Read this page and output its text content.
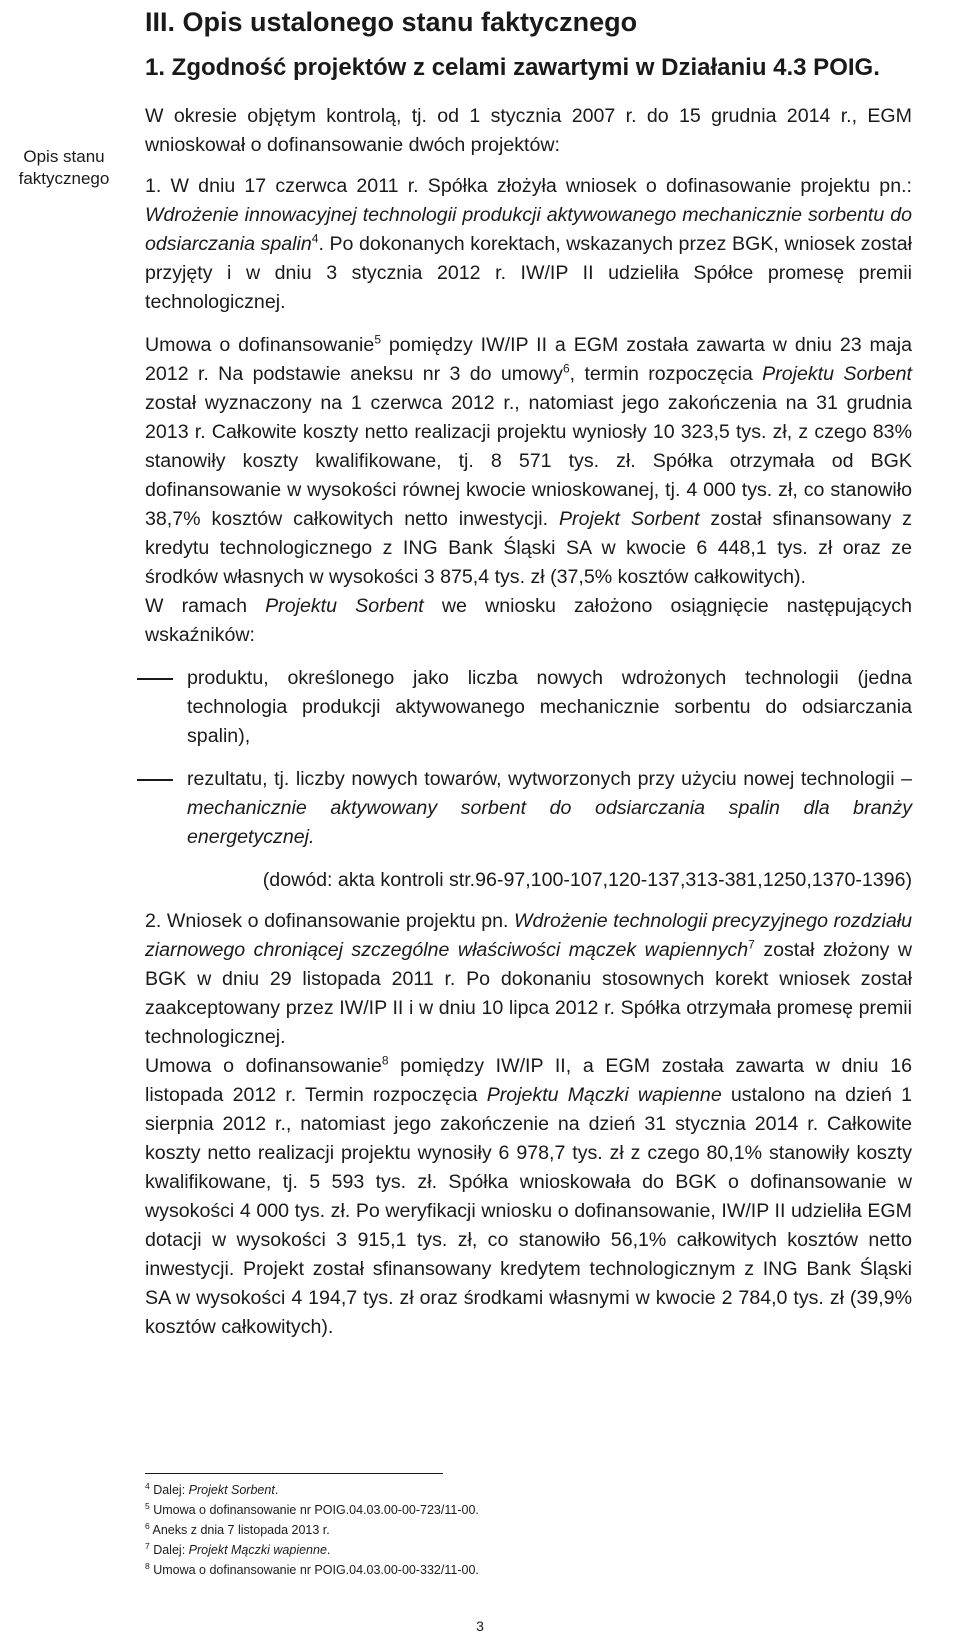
Opis stanu faktycznego
III. Opis ustalonego stanu faktycznego
1. Zgodność projektów z celami zawartymi w Działaniu 4.3 POIG.

W okresie objętym kontrolą, tj. od 1 stycznia 2007 r. do 15 grudnia 2014 r., EGM wnioskował o dofinansowanie dwóch projektów:

1. W dniu 17 czerwca 2011 r. Spółka złożyła wniosek o dofinasowanie projektu pn.: Wdrożenie innowacyjnej technologii produkcji aktywowanego mechanicznie sorbentu do odsiarczania spalin$^4$. Po dokonanych korektach, wskazanych przez BGK, wniosek został przyjęty i w dniu 3 stycznia 2012 r. IW/IP II udzieliła Spółce promesę premii technologicznej.

Umowa o dofinansowanie$^5$ pomiędzy IW/IP II a EGM została zawarta w dniu 23 maja 2012 r. Na podstawie aneksu nr 3 do umowy$^6$, termin rozpoczęcia Projektu Sorbent został wyznaczony na 1 czerwca 2012 r., natomiast jego zakończenia na 31 grudnia 2013 r. Całkowite koszty netto realizacji projektu wyniosły 10 323,5 tys. zł, z czego 83% stanowiły koszty kwalifikowane, tj. 8 571 tys. zł. Spółka otrzymała od BGK dofinansowanie w wysokości równej kwocie wnioskowanej, tj. 4 000 tys. zł, co stanowiło 38,7% kosztów całkowitych netto inwestycji. Projekt Sorbent został sfinansowany z kredytu technologicznego z ING Bank Śląski SA w kwocie 6 448,1 tys. zł oraz ze środków własnych w wysokości 3 875,4 tys. zł (37,5% kosztów całkowitych).

W ramach Projektu Sorbent we wniosku założono osiągnięcie następujących wskaźników:

produktu, określonego jako liczba nowych wdrożonych technologii (jedna technologia produkcji aktywowanego mechanicznie sorbentu do odsiarczania spalin),
rezultatu, tj. liczby nowych towarów, wytworzonych przy użyciu nowej technologii – mechanicznie aktywowany sorbent do odsiarczania spalin dla branży energetycznej.

(dowód: akta kontroli str.96-97,100-107,120-137,313-381,1250,1370-1396)

2. Wniosek o dofinansowanie projektu pn. Wdrożenie technologii precyzyjnego rozdziału ziarnowego chroniącej szczególne właściwości mączek wapiennych$^7$ został złożony w BGK w dniu 29 listopada 2011 r. Po dokonaniu stosownych korekt wniosek został zaakceptowany przez IW/IP II i w dniu 10 lipca 2012 r. Spółka otrzymała promesę premii technologicznej.

Umowa o dofinansowanie$^8$ pomiędzy IW/IP II, a EGM została zawarta w dniu 16 listopada 2012 r. Termin rozpoczęcia Projektu Mączki wapienne ustalono na dzień 1 sierpnia 2012 r., natomiast jego zakończenie na dzień 31 stycznia 2014 r. Całkowite koszty netto realizacji projektu wynosiły 6 978,7 tys. zł z czego 80,1% stanowiły koszty kwalifikowane, tj. 5 593 tys. zł. Spółka wnioskowała do BGK o dofinansowanie w wysokości 4 000 tys. zł. Po weryfikacji wniosku o dofinansowanie, IW/IP II udzieliła EGM dotacji w wysokości 3 915,1 tys. zł, co stanowiło 56,1% całkowitych kosztów netto inwestycji. Projekt został sfinansowany kredytem technologicznym z ING Bank Śląski SA w wysokości 4 194,7 tys. zł oraz środkami własnymi w kwocie 2 784,0 tys. zł (39,9% kosztów całkowitych).

$^4$ Dalej: Projekt Sorbent.
$^5$ Umowa o dofinansowanie nr POIG.04.03.00-00-723/11-00.
$^6$ Aneks z dnia 7 listopada 2013 r.
$^7$ Dalej: Projekt Mączki wapienne.
$^8$ Umowa o dofinansowanie nr POIG.04.03.00-00-332/11-00.
3
